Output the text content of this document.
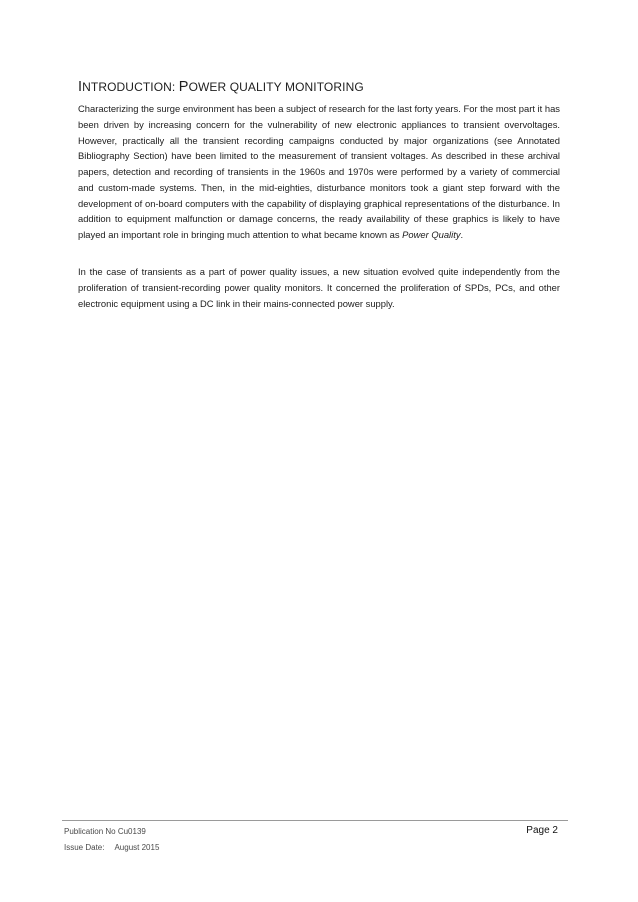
INTRODUCTION: POWER QUALITY MONITORING

Characterizing the surge environment has been a subject of research for the last forty years. For the most part it has been driven by increasing concern for the vulnerability of new electronic appliances to transient overvoltages. However, practically all the transient recording campaigns conducted by major organizations (see Annotated Bibliography Section) have been limited to the measurement of transient voltages. As described in these archival papers, detection and recording of transients in the 1960s and 1970s were performed by a variety of commercial and custom-made systems. Then, in the mid-eighties, disturbance monitors took a giant step forward with the development of on-board computers with the capability of displaying graphical representations of the disturbance. In addition to equipment malfunction or damage concerns, the ready availability of these graphics is likely to have played an important role in bringing much attention to what became known as Power Quality.

In the case of transients as a part of power quality issues, a new situation evolved quite independently from the proliferation of transient-recording power quality monitors. It concerned the proliferation of SPDs, PCs, and other electronic equipment using a DC link in their mains-connected power supply.

Publication No Cu0139
Issue Date: August 2015
Page 2
